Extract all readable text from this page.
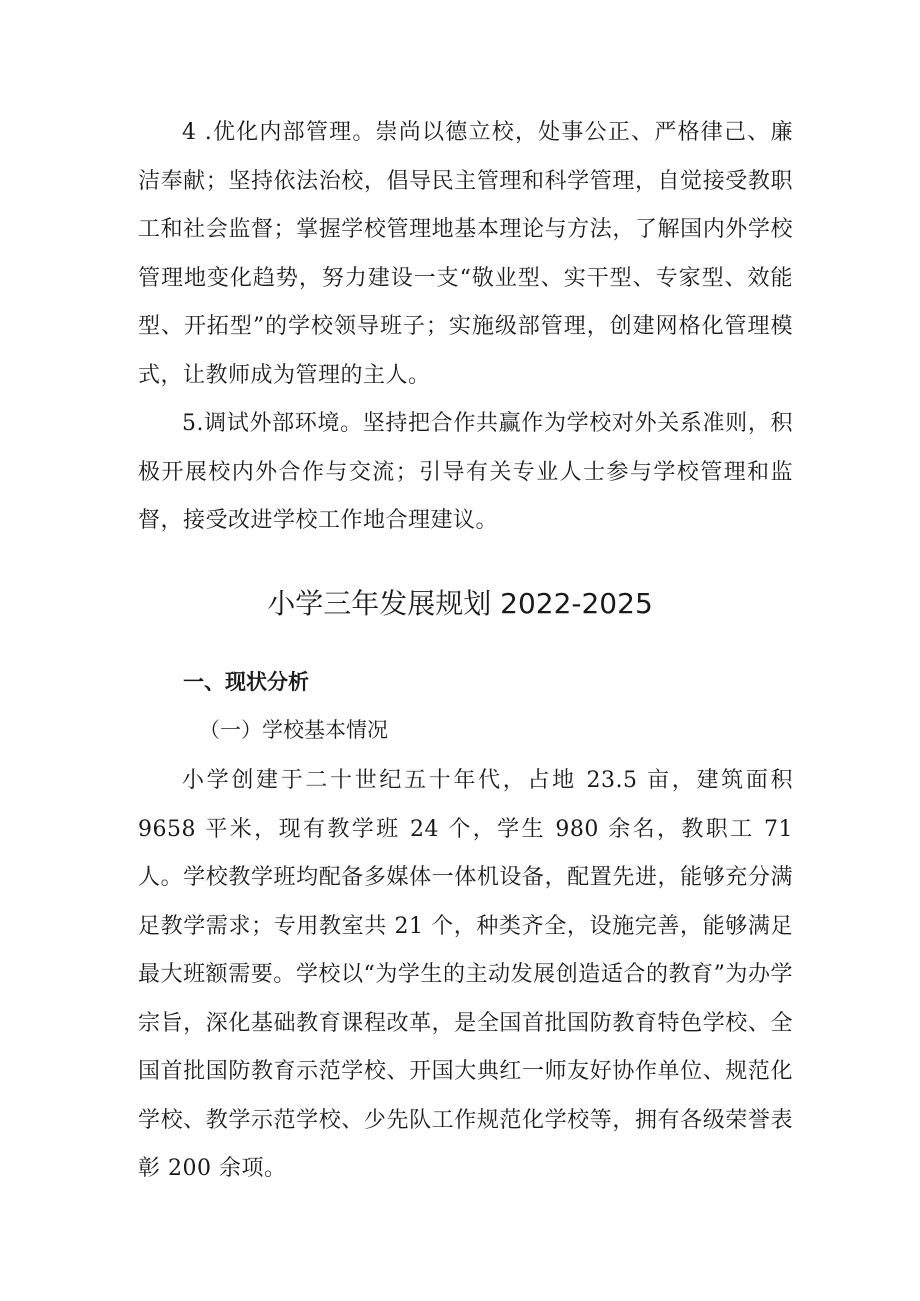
4 .优化内部管理。崇尚以德立校，处事公正、严格律己、廉洁奉献；坚持依法治校，倡导民主管理和科学管理，自觉接受教职工和社会监督；掌握学校管理地基本理论与方法，了解国内外学校管理地变化趋势，努力建设一支“敬业型、实干型、专家型、效能型、开拓型”的学校领导班子；实施级部管理，创建网格化管理模式，让教师成为管理的主人。

5.调试外部环境。坚持把合作共赢作为学校对外关系准则，积极开展校内外合作与交流；引导有关专业人士参与学校管理和监督，接受改进学校工作地合理建议。

小学三年发展规划 2022-2025
一、现状分析
（一）学校基本情况

小学创建于二十世纪五十年代，占地 23.5 亩，建筑面积 9658 平米，现有教学班 24 个，学生 980 余名，教职工 71 人。学校教学班均配备多媒体一体机设备，配置先进，能够充分满足教学需求；专用教室共 21 个，种类齐全，设施完善，能够满足最大班额需要。学校以“为学生的主动发展创造适合的教育”为办学宗旨，深化基础教育课程改革，是全国首批国防教育特色学校、全国首批国防教育示范学校、开国大典红一师友好协作单位、规范化学校、教学示范学校、少先队工作规范化学校等，拥有各级荣誉表彰 200 余项。
